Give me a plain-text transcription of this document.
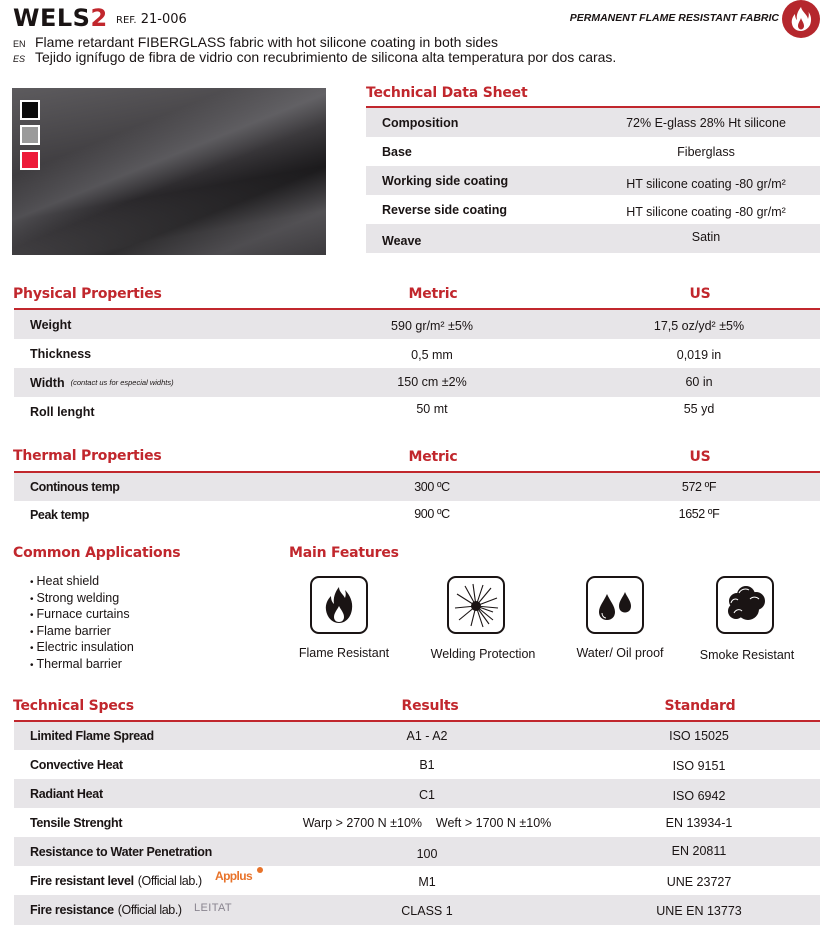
WELS2 REF. 21-006
EN Flame retardant FIBERGLASS fabric with hot silicone coating in both sides
ES Tejido ignífugo de fibra de vidrio con recubrimiento de silicona alta temperatura por dos caras.
PERMANENT FLAME RESISTANT FABRIC
Technical Data Sheet
Composition	72% E-glass 28% Ht silicone
Base	Fiberglass
Working side coating	HT silicone coating -80 gr/m²
Reverse side coating	HT silicone coating -80 gr/m²
Weave	Satin
Physical Properties	Metric	US
Weight	590 gr/m² ±5%	17,5 oz/yd² ±5%
Thickness	0,5 mm	0,019 in
Width (contact us for especial widhts)	150 cm ±2%	60 in
Roll lenght	50 mt	55 yd
Thermal Properties	Metric	US
Continous temp	300 ºC	572 ºF
Peak temp	900 ºC	1652 ºF
Common Applications
• Heat shield
• Strong welding
• Furnace curtains
• Flame barrier
• Electric insulation
• Thermal barrier
Main Features
Flame Resistant	Welding Protection	Water/ Oil proof	Smoke Resistant
Technical Specs	Results	Standard
Limited Flame Spread	A1 - A2	ISO 15025
Convective Heat	B1	ISO 9151
Radiant Heat	C1	ISO 6942
Tensile Strenght	Warp > 2700 N ±10%    Weft > 1700 N ±10%	EN 13934-1
Resistance to Water Penetration	100	EN 20811
Fire resistant level (Official lab.) Applus	M1	UNE 23727
Fire resistance (Official lab.) LEITAT	CLASS 1	UNE EN 13773
